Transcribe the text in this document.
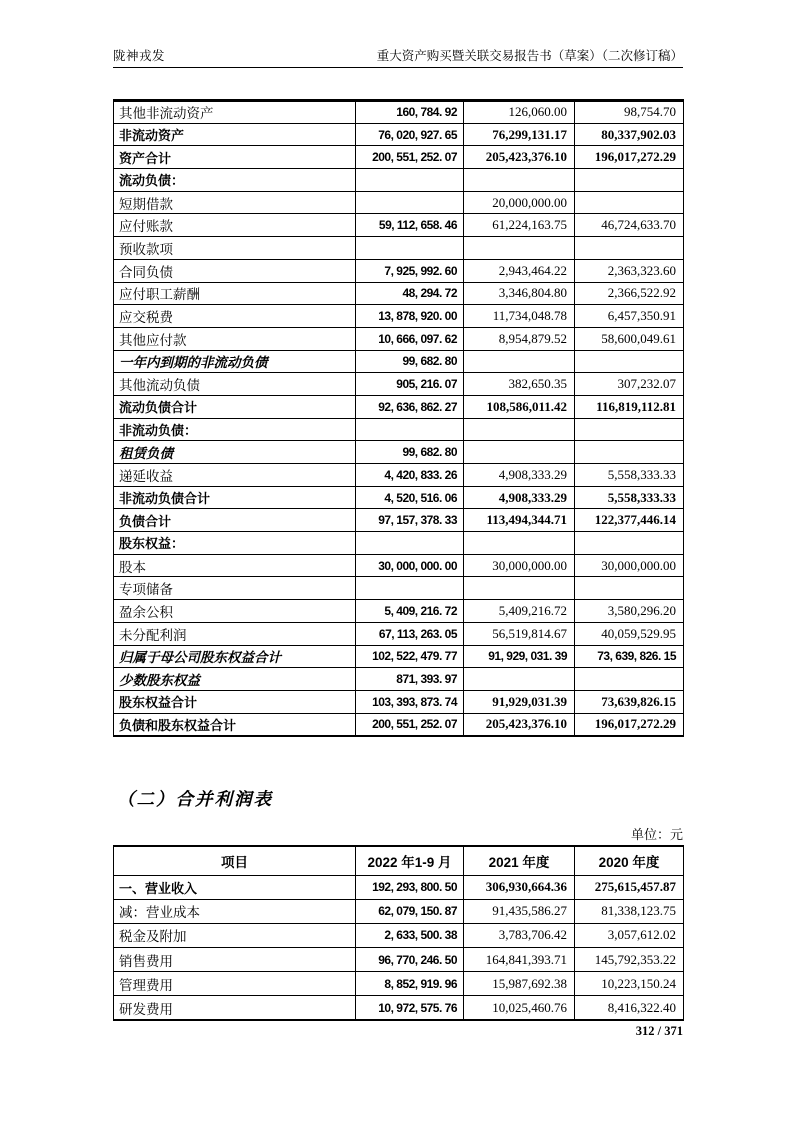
陇神戎发	重大资产购买暨关联交易报告书（草案）（二次修订稿）
其他非流动资产	160, 784. 92	126,060.00	98,754.70
非流动资产	76, 020, 927. 65	76,299,131.17	80,337,902.03
资产合计	200, 551, 252. 07	205,423,376.10	196,017,272.29
流动负债：			
短期借款		20,000,000.00	
应付账款	59, 112, 658. 46	61,224,163.75	46,724,633.70
预收款项			
合同负债	7, 925, 992. 60	2,943,464.22	2,363,323.60
应付职工薪酬	48, 294. 72	3,346,804.80	2,366,522.92
应交税费	13, 878, 920. 00	11,734,048.78	6,457,350.91
其他应付款	10, 666, 097. 62	8,954,879.52	58,600,049.61
一年内到期的非流动负债	99, 682. 80		
其他流动负债	905, 216. 07	382,650.35	307,232.07
流动负债合计	92, 636, 862. 27	108,586,011.42	116,819,112.81
非流动负债：			
租赁负债	99, 682. 80		
递延收益	4, 420, 833. 26	4,908,333.29	5,558,333.33
非流动负债合计	4, 520, 516. 06	4,908,333.29	5,558,333.33
负债合计	97, 157, 378. 33	113,494,344.71	122,377,446.14
股东权益：			
股本	30, 000, 000. 00	30,000,000.00	30,000,000.00
专项储备			
盈余公积	5, 409, 216. 72	5,409,216.72	3,580,296.20
未分配利润	67, 113, 263. 05	56,519,814.67	40,059,529.95
归属于母公司股东权益合计	102, 522, 479. 77	91, 929, 031. 39	73, 639, 826. 15
少数股东权益	871, 393. 97		
股东权益合计	103, 393, 873. 74	91,929,031.39	73,639,826.15
负债和股东权益合计	200, 551, 252. 07	205,423,376.10	196,017,272.29
（二）合并利润表
单位：元
项目	2022 年1-9 月	2021 年度	2020 年度
一、营业收入	192, 293, 800. 50	306,930,664.36	275,615,457.87
减：营业成本	62, 079, 150. 87	91,435,586.27	81,338,123.75
税金及附加	2, 633, 500. 38	3,783,706.42	3,057,612.02
销售费用	96, 770, 246. 50	164,841,393.71	145,792,353.22
管理费用	8, 852, 919. 96	15,987,692.38	10,223,150.24
研发费用	10, 972, 575. 76	10,025,460.76	8,416,322.40
312 / 371
